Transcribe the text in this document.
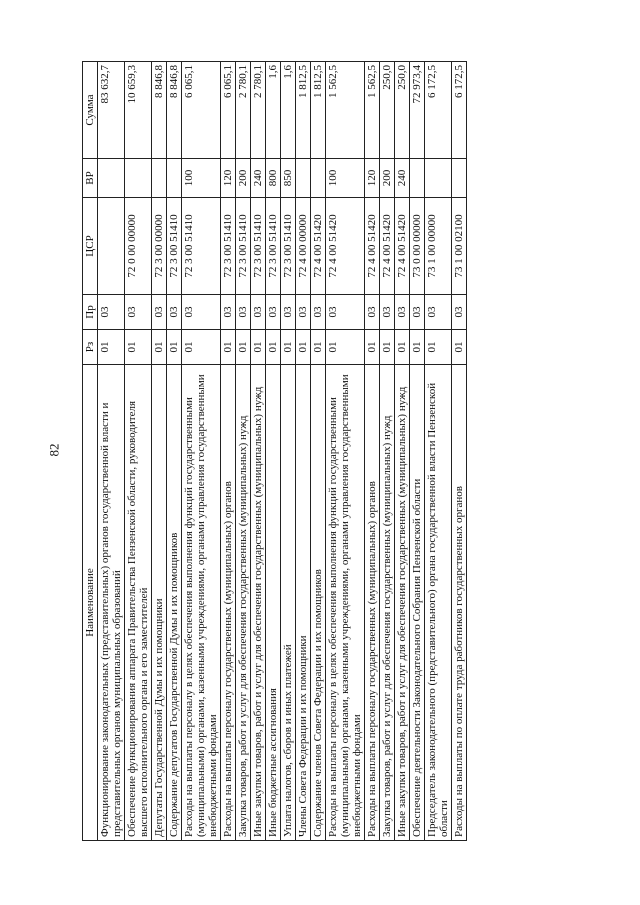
82
Наименование	Рз	Пр	ЦСР	ВР	Сумма
Функционирование законодательных (представительных) органов государственной власти и представительных органов муниципальных образований	01	03			83 632,7
Обеспечение функционирования аппарата Правительства Пензенской области, руководителя высшего исполнительного органа и его заместителей	01	03	72 0 00 00000		10 659,3
Депутаты Государственной Думы и их помощники	01	03	72 3 00 00000		8 846,8
Содержание депутатов Государственной Думы и их помощников	01	03	72 3 00 51410		8 846,8
Расходы на выплаты персоналу в целях обеспечения выполнения функций государственными (муниципальными) органами, казенными учреждениями, органами управления государственными внебюджетными фондами	01	03	72 3 00 51410	100	6 065,1
Расходы на выплаты персоналу государственных (муниципальных) органов	01	03	72 3 00 51410	120	6 065,1
Закупка товаров, работ и услуг для обеспечения государственных (муниципальных) нужд	01	03	72 3 00 51410	200	2 780,1
Иные закупки товаров, работ и услуг для обеспечения государственных (муниципальных) нужд	01	03	72 3 00 51410	240	2 780,1
Иные бюджетные ассигнования	01	03	72 3 00 51410	800	1,6
Уплата налогов, сборов и иных платежей	01	03	72 3 00 51410	850	1,6
Члены Совета Федерации и их помощники	01	03	72 4 00 00000		1 812,5
Содержание членов Совета Федерации и их помощников	01	03	72 4 00 51420		1 812,5
Расходы на выплаты персоналу в целях обеспечения выполнения функций государственными (муниципальными) органами, казенными учреждениями, органами управления государственными внебюджетными фондами	01	03	72 4 00 51420	100	1 562,5
Расходы на выплаты персоналу государственных (муниципальных) органов	01	03	72 4 00 51420	120	1 562,5
Закупка товаров, работ и услуг для обеспечения государственных (муниципальных) нужд	01	03	72 4 00 51420	200	250,0
Иные закупки товаров, работ и услуг для обеспечения государственных (муниципальных) нужд	01	03	72 4 00 51420	240	250,0
Обеспечение деятельности Законодательного Собрания Пензенской области	01	03	73 0 00 00000		72 973,4
Председатель законодательного (представительного) органа государственной власти Пензенской области	01	03	73 1 00 00000		6 172,5
Расходы на выплаты по оплате труда работников государственных органов	01	03	73 1 00 02100		6 172,5
